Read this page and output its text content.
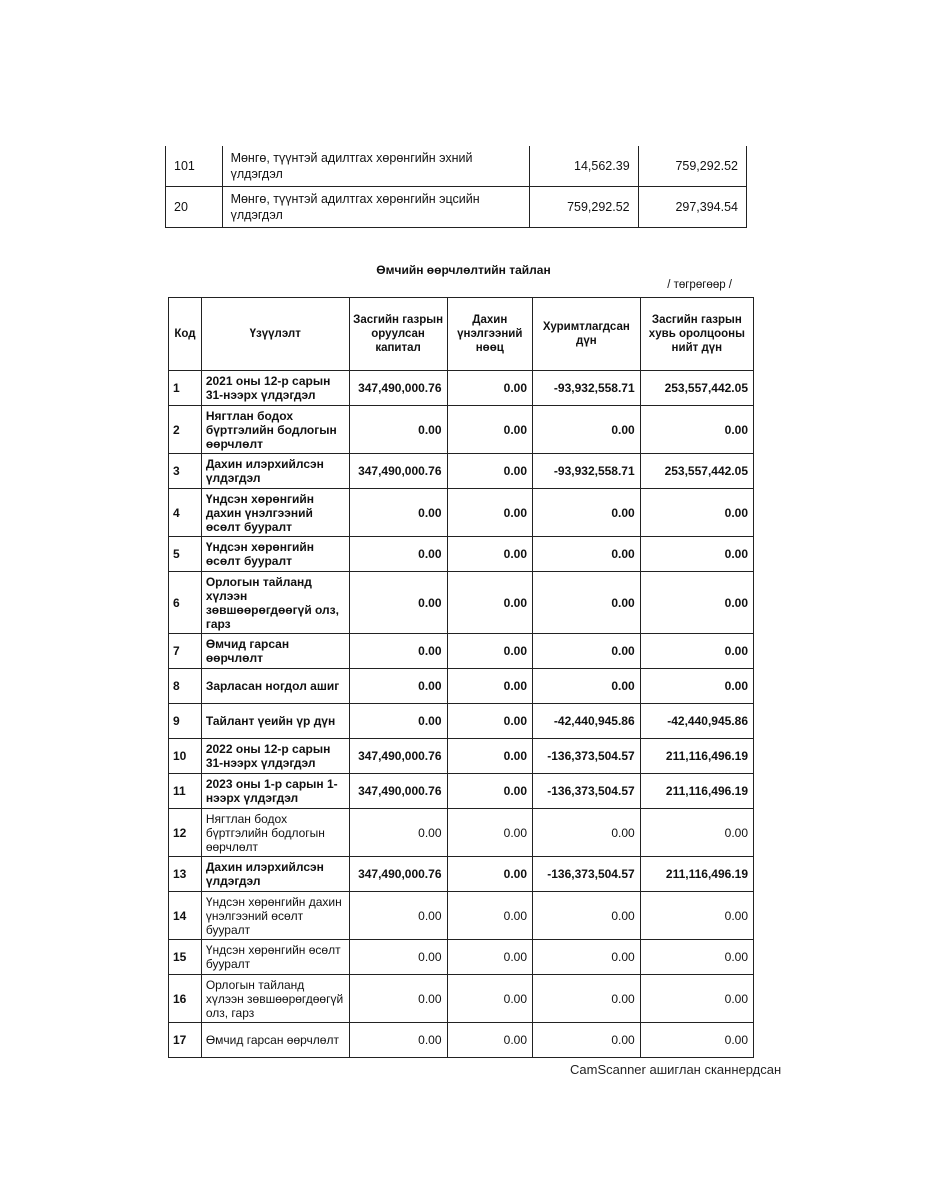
101	Мөнгө, түүнтэй адилтгах хөрөнгийн эхний үлдэгдэл	14,562.39	759,292.52
20	Мөнгө, түүнтэй адилтгах хөрөнгийн эцсийн үлдэгдэл	759,292.52	297,394.54
Өмчийн өөрчлөлтийн тайлан
/ төгрөгөөр /
Код	Үзүүлэлт	Засгийн газрын оруулсан капитал	Дахин үнэлгээний нөөц	Хуримтлагдсан дүн	Засгийн газрын хувь оролцооны нийт дүн
1	2021 оны 12-р сарын 31-нээрх үлдэгдэл	347,490,000.76	0.00	-93,932,558.71	253,557,442.05
2	Нягтлан бодох бүртгэлийн бодлогын өөрчлөлт	0.00	0.00	0.00	0.00
3	Дахин илэрхийлсэн үлдэгдэл	347,490,000.76	0.00	-93,932,558.71	253,557,442.05
4	Үндсэн хөрөнгийн дахин үнэлгээний өсөлт бууралт	0.00	0.00	0.00	0.00
5	Үндсэн хөрөнгийн өсөлт бууралт	0.00	0.00	0.00	0.00
6	Орлогын тайланд хүлээн зөвшөөрөгдөөгүй олз, гарз	0.00	0.00	0.00	0.00
7	Өмчид гарсан өөрчлөлт	0.00	0.00	0.00	0.00
8	Зарласан ногдол ашиг	0.00	0.00	0.00	0.00
9	Тайлант үеийн үр дүн	0.00	0.00	-42,440,945.86	-42,440,945.86
10	2022 оны 12-р сарын 31-нээрх үлдэгдэл	347,490,000.76	0.00	-136,373,504.57	211,116,496.19
11	2023 оны 1-р сарын 1-нээрх үлдэгдэл	347,490,000.76	0.00	-136,373,504.57	211,116,496.19
12	Нягтлан бодох бүртгэлийн бодлогын өөрчлөлт	0.00	0.00	0.00	0.00
13	Дахин илэрхийлсэн үлдэгдэл	347,490,000.76	0.00	-136,373,504.57	211,116,496.19
14	Үндсэн хөрөнгийн дахин үнэлгээний өсөлт бууралт	0.00	0.00	0.00	0.00
15	Үндсэн хөрөнгийн өсөлт бууралт	0.00	0.00	0.00	0.00
16	Орлогын тайланд хүлээн зөвшөөрөгдөөгүй олз, гарз	0.00	0.00	0.00	0.00
17	Өмчид гарсан өөрчлөлт	0.00	0.00	0.00	0.00
CamScanner ашиглан сканнердсан
